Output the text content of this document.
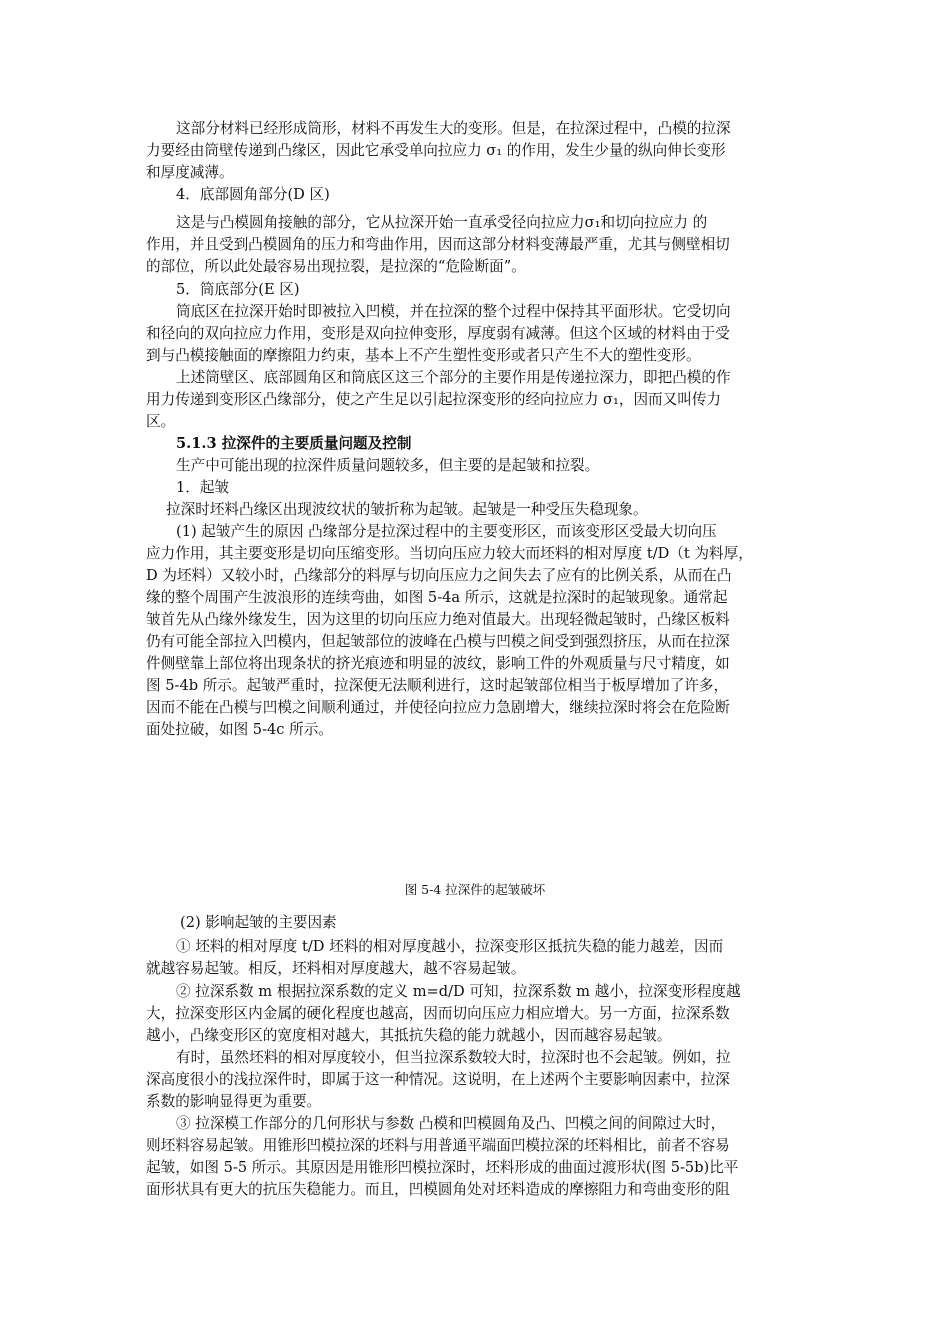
这部分材料已经形成筒形，材料不再发生大的变形。但是，在拉深过程中，凸模的拉深
力要经由筒壁传递到凸缘区，因此它承受单向拉应力 σ₁ 的作用，发生少量的纵向伸长变形
和厚度减薄。
4．底部圆角部分(D 区)
这是与凸模圆角接触的部分，它从拉深开始一直承受径向拉应力σ₁和切向拉应力 的
作用，并且受到凸模圆角的压力和弯曲作用，因而这部分材料变薄最严重，尤其与侧壁相切
的部位，所以此处最容易出现拉裂，是拉深的“危险断面”。
5．筒底部分(E 区)
筒底区在拉深开始时即被拉入凹模，并在拉深的整个过程中保持其平面形状。它受切向
和径向的双向拉应力作用，变形是双向拉伸变形，厚度弱有减薄。但这个区域的材料由于受
到与凸模接触面的摩擦阻力约束，基本上不产生塑性变形或者只产生不大的塑性变形。
上述筒壁区、底部圆角区和筒底区这三个部分的主要作用是传递拉深力，即把凸模的作
用力传递到变形区凸缘部分，使之产生足以引起拉深变形的经向拉应力 σ₁，因而又叫传力
区。
5.1.3 拉深件的主要质量问题及控制
生产中可能出现的拉深件质量问题较多，但主要的是起皱和拉裂。
1．起皱
拉深时坯料凸缘区出现波纹状的皱折称为起皱。起皱是一种受压失稳现象。
(1) 起皱产生的原因 凸缘部分是拉深过程中的主要变形区，而该变形区受最大切向压
应力作用，其主要变形是切向压缩变形。当切向压应力较大而坯料的相对厚度 t/D（t 为料厚，
D 为坯料）又较小时，凸缘部分的料厚与切向压应力之间失去了应有的比例关系，从而在凸
缘的整个周围产生波浪形的连续弯曲，如图 5-4a 所示，这就是拉深时的起皱现象。通常起
皱首先从凸缘外缘发生，因为这里的切向压应力绝对值最大。出现轻微起皱时，凸缘区板料
仍有可能全部拉入凹模内，但起皱部位的波峰在凸模与凹模之间受到强烈挤压，从而在拉深
件侧壁靠上部位将出现条状的挤光痕迹和明显的波纹，影响工件的外观质量与尺寸精度，如
图 5-4b 所示。起皱严重时，拉深便无法顺利进行，这时起皱部位相当于板厚增加了许多，
因而不能在凸模与凹模之间顺利通过，并使径向拉应力急剧增大，继续拉深时将会在危险断
面处拉破，如图 5-4c 所示。
图 5-4 拉深件的起皱破坏
(2) 影响起皱的主要因素
① 坯料的相对厚度 t/D 坯料的相对厚度越小，拉深变形区抵抗失稳的能力越差，因而
就越容易起皱。相反，坯料相对厚度越大，越不容易起皱。
② 拉深系数 m 根据拉深系数的定义 m=d/D 可知，拉深系数 m 越小，拉深变形程度越
大，拉深变形区内金属的硬化程度也越高，因而切向压应力相应增大。另一方面，拉深系数
越小，凸缘变形区的宽度相对越大，其抵抗失稳的能力就越小，因而越容易起皱。
有时，虽然坯料的相对厚度较小，但当拉深系数较大时，拉深时也不会起皱。例如，拉
深高度很小的浅拉深件时，即属于这一种情况。这说明，在上述两个主要影响因素中，拉深
系数的影响显得更为重要。
③ 拉深模工作部分的几何形状与参数 凸模和凹模圆角及凸、凹模之间的间隙过大时，
则坯料容易起皱。用锥形凹模拉深的坯料与用普通平端面凹模拉深的坯料相比，前者不容易
起皱，如图 5-5 所示。其原因是用锥形凹模拉深时，坯料形成的曲面过渡形状(图 5-5b)比平
面形状具有更大的抗压失稳能力。而且，凹模圆角处对坯料造成的摩擦阻力和弯曲变形的阻
